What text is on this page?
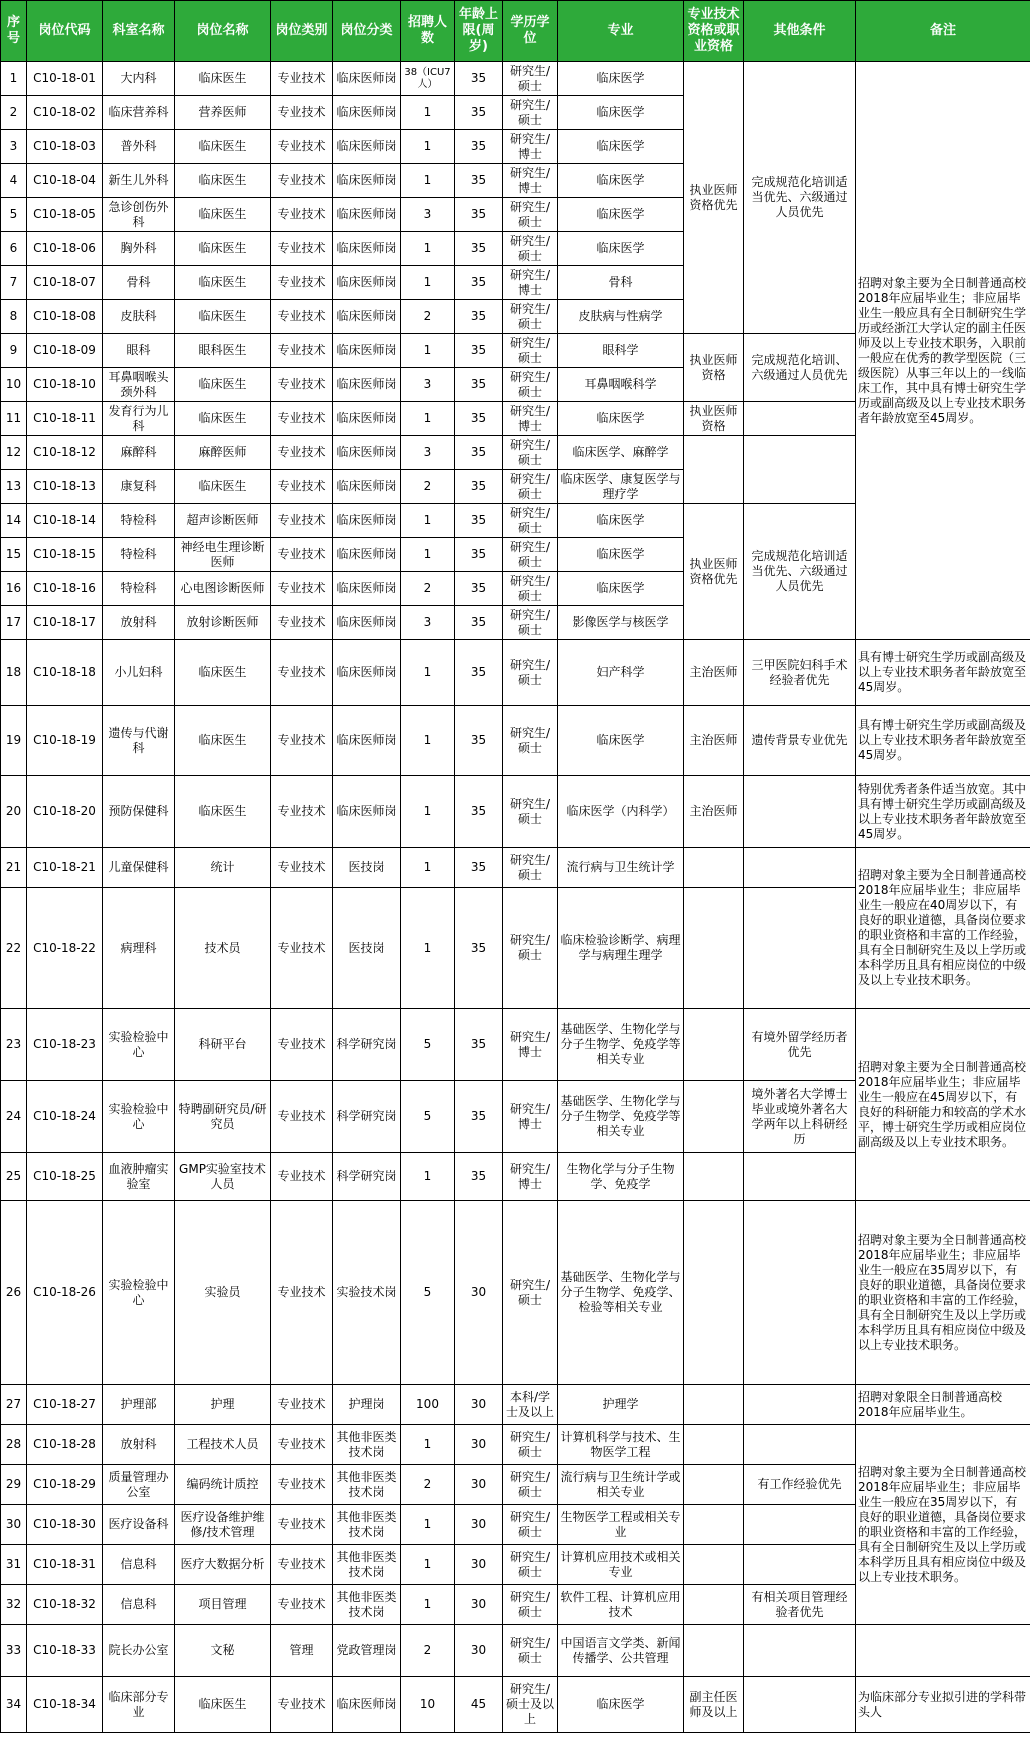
序号	岗位代码	科室名称	岗位名称	岗位类别	岗位分类	招聘人数	年龄上限(周岁)	学历学位	专业	专业技术资格或职业资格	其他条件	备注
1	C10-18-01	大内科	临床医生	专业技术	临床医师岗	38（ICU7人）	35	研究生/硕士	临床医学	执业医师资格优先	完成规范化培训适当优先、六级通过人员优先	招聘对象主要为全日制普通高校2018年应届毕业生；非应届毕业生一般应具有全日制研究生学历或经浙江大学认定的副主任医师及以上专业技术职务，入职前一般应在优秀的教学型医院（三级医院）从事三年以上的一线临床工作，其中具有博士研究生学历或副高级及以上专业技术职务者年龄放宽至45周岁。
2	C10-18-02	临床营养科	营养医师	专业技术	临床医师岗	1	35	研究生/硕士	临床医学			
3	C10-18-03	普外科	临床医生	专业技术	临床医师岗	1	35	研究生/博士	临床医学			
4	C10-18-04	新生儿外科	临床医生	专业技术	临床医师岗	1	35	研究生/博士	临床医学			
5	C10-18-05	急诊创伤外科	临床医生	专业技术	临床医师岗	3	35	研究生/硕士	临床医学			
6	C10-18-06	胸外科	临床医生	专业技术	临床医师岗	1	35	研究生/硕士	临床医学			
7	C10-18-07	骨科	临床医生	专业技术	临床医师岗	1	35	研究生/博士	骨科			
8	C10-18-08	皮肤科	临床医生	专业技术	临床医师岗	2	35	研究生/硕士	皮肤病与性病学			
9	C10-18-09	眼科	眼科医生	专业技术	临床医师岗	1	35	研究生/硕士	眼科学	执业医师资格	完成规范化培训、六级通过人员优先	
10	C10-18-10	耳鼻咽喉头颈外科	临床医生	专业技术	临床医师岗	3	35	研究生/硕士	耳鼻咽喉科学			
11	C10-18-11	发育行为儿科	临床医生	专业技术	临床医师岗	1	35	研究生/博士	临床医学	执业医师资格		
12	C10-18-12	麻醉科	麻醉医师	专业技术	临床医师岗	3	35	研究生/硕士	临床医学、麻醉学			
13	C10-18-13	康复科	临床医生	专业技术	临床医师岗	2	35	研究生/硕士	临床医学、康复医学与理疗学			
14	C10-18-14	特检科	超声诊断医师	专业技术	临床医师岗	1	35	研究生/硕士	临床医学	执业医师资格优先	完成规范化培训适当优先、六级通过人员优先	
15	C10-18-15	特检科	神经电生理诊断医师	专业技术	临床医师岗	1	35	研究生/硕士	临床医学			
16	C10-18-16	特检科	心电图诊断医师	专业技术	临床医师岗	2	35	研究生/硕士	临床医学			
17	C10-18-17	放射科	放射诊断医师	专业技术	临床医师岗	3	35	研究生/硕士	影像医学与核医学			
18	C10-18-18	小儿妇科	临床医生	专业技术	临床医师岗	1	35	研究生/硕士	妇产科学	主治医师	三甲医院妇科手术经验者优先	具有博士研究生学历或副高级及以上专业技术职务者年龄放宽至45周岁。
19	C10-18-19	遗传与代谢科	临床医生	专业技术	临床医师岗	1	35	研究生/硕士	临床医学	主治医师	遗传背景专业优先	具有博士研究生学历或副高级及以上专业技术职务者年龄放宽至45周岁。
20	C10-18-20	预防保健科	临床医生	专业技术	临床医师岗	1	35	研究生/硕士	临床医学（内科学）	主治医师		特别优秀者条件适当放宽。其中具有博士研究生学历或副高级及以上专业技术职务者年龄放宽至45周岁。
21	C10-18-21	儿童保健科	统计	专业技术	医技岗	1	35	研究生/硕士	流行病与卫生统计学			招聘对象主要为全日制普通高校2018年应届毕业生；非应届毕业生一般应在40周岁以下，有良好的职业道德，具备岗位要求的职业资格和丰富的工作经验，具有全日制研究生及以上学历或本科学历且具有相应岗位的中级及以上专业技术职务。
22	C10-18-22	病理科	技术员	专业技术	医技岗	1	35	研究生/硕士	临床检验诊断学、病理学与病理生理学			
23	C10-18-23	实验检验中心	科研平台	专业技术	科学研究岗	5	35	研究生/博士	基础医学、生物化学与分子生物学、免疫学等相关专业		有境外留学经历者优先	招聘对象主要为全日制普通高校2018年应届毕业生；非应届毕业生一般应在45周岁以下，有良好的科研能力和较高的学术水平，博士研究生学历或相应岗位副高级及以上专业技术职务。
24	C10-18-24	实验检验中心	特聘副研究员/研究员	专业技术	科学研究岗	5	35	研究生/博士	基础医学、生物化学与分子生物学、免疫学等相关专业		境外著名大学博士毕业或境外著名大学两年以上科研经历	
25	C10-18-25	血液肿瘤实验室	GMP实验室技术人员	专业技术	科学研究岗	1	35	研究生/博士	生物化学与分子生物学、免疫学			
26	C10-18-26	实验检验中心	实验员	专业技术	实验技术岗	5	30	研究生/硕士	基础医学、生物化学与分子生物学、免疫学、检验等相关专业			招聘对象主要为全日制普通高校2018年应届毕业生；非应届毕业生一般应在35周岁以下，有良好的职业道德，具备岗位要求的职业资格和丰富的工作经验，具有全日制研究生及以上学历或本科学历且具有相应岗位中级及以上专业技术职务。
27	C10-18-27	护理部	护理	专业技术	护理岗	100	30	本科/学士及以上	护理学			招聘对象限全日制普通高校2018年应届毕业生。
28	C10-18-28	放射科	工程技术人员	专业技术	其他非医类技术岗	1	30	研究生/硕士	计算机科学与技术、生物医学工程			招聘对象主要为全日制普通高校2018年应届毕业生；非应届毕业生一般应在35周岁以下，有良好的职业道德，具备岗位要求的职业资格和丰富的工作经验，具有全日制研究生及以上学历或本科学历且具有相应岗位中级及以上专业技术职务。
29	C10-18-29	质量管理办公室	编码统计质控	专业技术	其他非医类技术岗	2	30	研究生/硕士	流行病与卫生统计学或相关专业		有工作经验优先	
30	C10-18-30	医疗设备科	医疗设备维护维修/技术管理	专业技术	其他非医类技术岗	1	30	研究生/硕士	生物医学工程或相关专业			
31	C10-18-31	信息科	医疗大数据分析	专业技术	其他非医类技术岗	1	30	研究生/硕士	计算机应用技术或相关专业			
32	C10-18-32	信息科	项目管理	专业技术	其他非医类技术岗	1	30	研究生/硕士	软件工程、计算机应用技术		有相关项目管理经验者优先	
33	C10-18-33	院长办公室	文秘	管理	党政管理岗	2	30	研究生/硕士	中国语言文学类、新闻传播学、公共管理			
34	C10-18-34	临床部分专业	临床医生	专业技术	临床医师岗	10	45	研究生/硕士及以上	临床医学	副主任医师及以上		为临床部分专业拟引进的学科带头人
